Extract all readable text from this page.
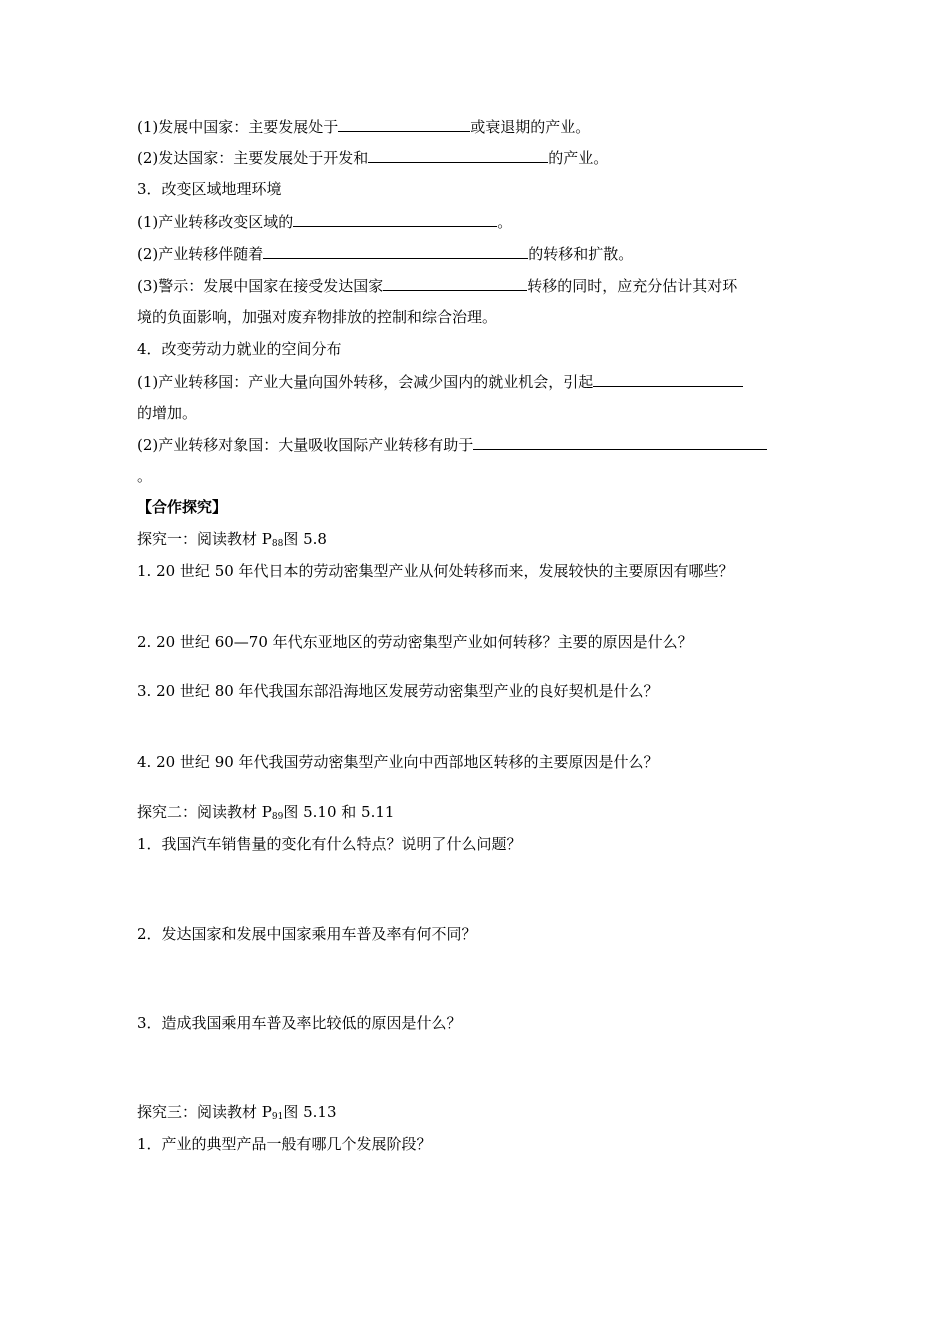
(1)发展中国家：主要发展处于	或衰退期的产业。
(2)发达国家：主要发展处于开发和	的产业。
3．改变区域地理环境
(1)产业转移改变区域的	。
(2)产业转移伴随着	的转移和扩散。
(3)警示：发展中国家在接受发达国家	转移的同时，应充分估计其对环
境的负面影响，加强对废弃物排放的控制和综合治理。
4．改变劳动力就业的空间分布
(1)产业转移国：产业大量向国外转移，会减少国内的就业机会，引起
的增加。
(2)产业转移对象国：大量吸收国际产业转移有助于
。
【合作探究】
探究一：阅读教材 $P_{88}$图 5.8
1. 20 世纪 50 年代日本的劳动密集型产业从何处转移而来，发展较快的主要原因有哪些？
2. 20 世纪 60—70 年代东亚地区的劳动密集型产业如何转移？主要的原因是什么？
3. 20 世纪 80 年代我国东部沿海地区发展劳动密集型产业的良好契机是什么？
4. 20 世纪 90 年代我国劳动密集型产业向中西部地区转移的主要原因是什么？
探究二：阅读教材 $P_{89}$图 5.10 和 5.11
1．我国汽车销售量的变化有什么特点？说明了什么问题？
2．发达国家和发展中国家乘用车普及率有何不同？
3．造成我国乘用车普及率比较低的原因是什么？
探究三：阅读教材 $P_{91}$图 5.13
1．产业的典型产品一般有哪几个发展阶段？
